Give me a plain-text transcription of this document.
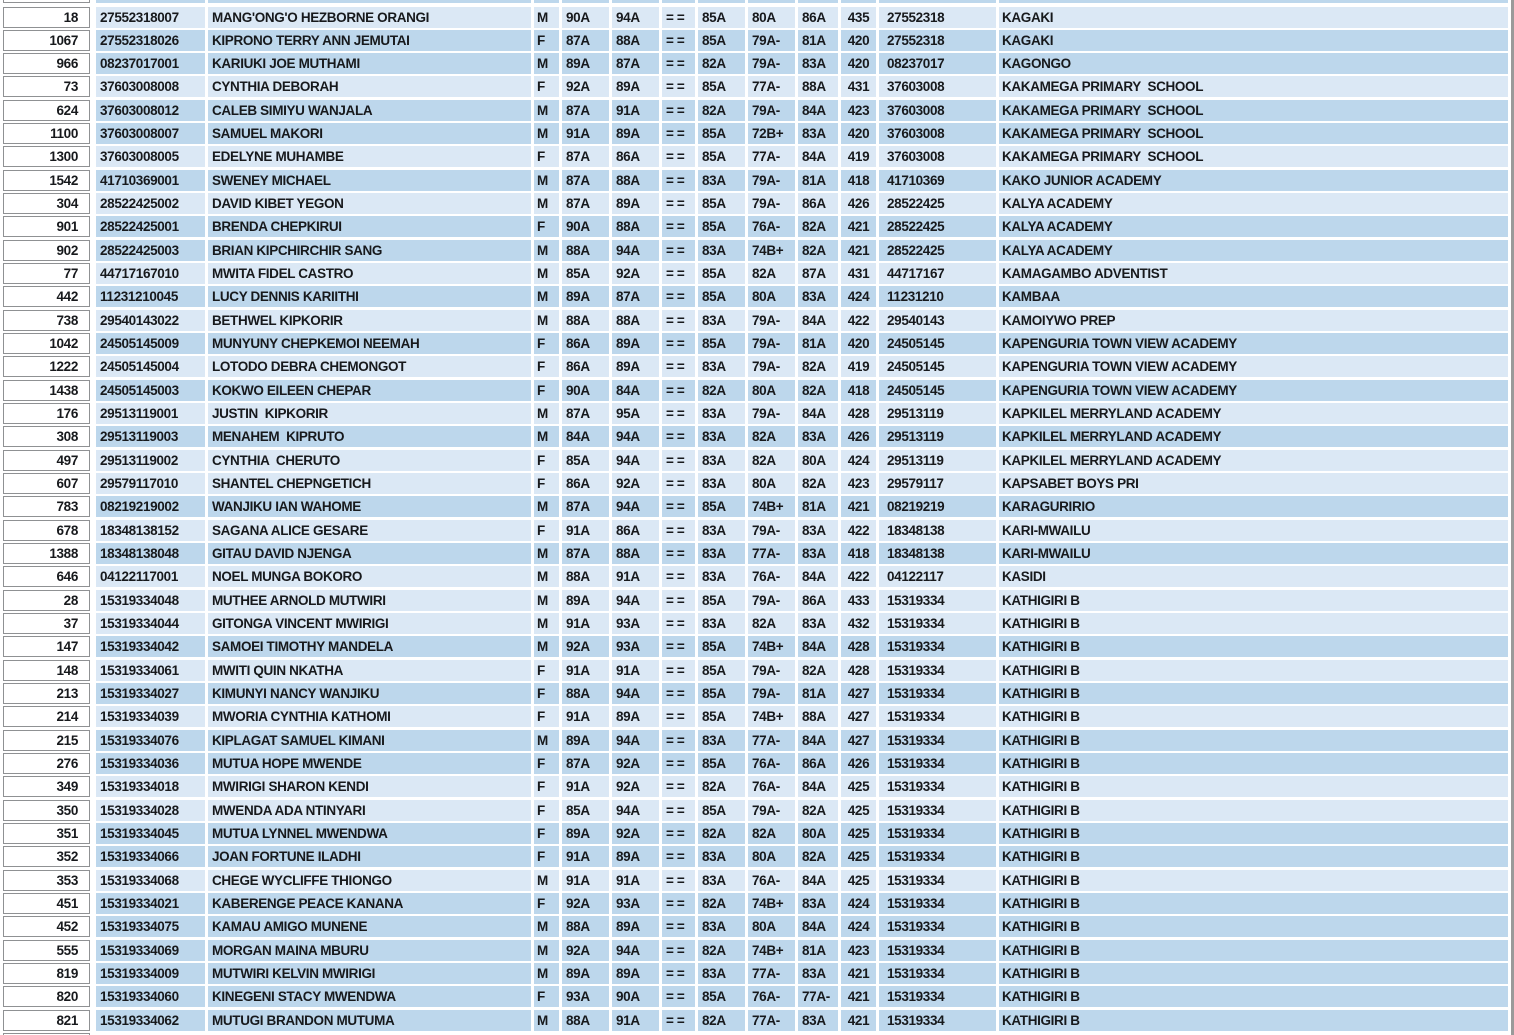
18	27552318007	MANG'ONG'O HEZBORNE ORANGI	M	90A	94A	= =	85A	80A	86A	435	27552318	KAGAKI
1067	27552318026	KIPRONO TERRY ANN JEMUTAI	F	87A	88A	= =	85A	79A-	81A	420	27552318	KAGAKI
966	08237017001	KARIUKI JOE MUTHAMI	M	89A	87A	= =	82A	79A-	83A	420	08237017	KAGONGO
73	37603008008	CYNTHIA DEBORAH	F	92A	89A	= =	85A	77A-	88A	431	37603008	KAKAMEGA PRIMARY  SCHOOL
624	37603008012	CALEB SIMIYU WANJALA	M	87A	91A	= =	82A	79A-	84A	423	37603008	KAKAMEGA PRIMARY  SCHOOL
1100	37603008007	SAMUEL MAKORI	M	91A	89A	= =	85A	72B+	83A	420	37603008	KAKAMEGA PRIMARY  SCHOOL
1300	37603008005	EDELYNE MUHAMBE	F	87A	86A	= =	85A	77A-	84A	419	37603008	KAKAMEGA PRIMARY  SCHOOL
1542	41710369001	SWENEY MICHAEL	M	87A	88A	= =	83A	79A-	81A	418	41710369	KAKO JUNIOR ACADEMY
304	28522425002	DAVID KIBET YEGON	M	87A	89A	= =	85A	79A-	86A	426	28522425	KALYA ACADEMY
901	28522425001	BRENDA CHEPKIRUI	F	90A	88A	= =	85A	76A-	82A	421	28522425	KALYA ACADEMY
902	28522425003	BRIAN KIPCHIRCHIR SANG	M	88A	94A	= =	83A	74B+	82A	421	28522425	KALYA ACADEMY
77	44717167010	MWITA FIDEL CASTRO	M	85A	92A	= =	85A	82A	87A	431	44717167	KAMAGAMBO ADVENTIST
442	11231210045	LUCY DENNIS KARIITHI	M	89A	87A	= =	85A	80A	83A	424	11231210	KAMBAA
738	29540143022	BETHWEL KIPKORIR	M	88A	88A	= =	83A	79A-	84A	422	29540143	KAMOIYWO PREP
1042	24505145009	MUNYUNY CHEPKEMOI NEEMAH	F	86A	89A	= =	85A	79A-	81A	420	24505145	KAPENGURIA TOWN VIEW ACADEMY
1222	24505145004	LOTODO DEBRA CHEMONGOT	F	86A	89A	= =	83A	79A-	82A	419	24505145	KAPENGURIA TOWN VIEW ACADEMY
1438	24505145003	KOKWO EILEEN CHEPAR	F	90A	84A	= =	82A	80A	82A	418	24505145	KAPENGURIA TOWN VIEW ACADEMY
176	29513119001	JUSTIN  KIPKORIR	M	87A	95A	= =	83A	79A-	84A	428	29513119	KAPKILEL MERRYLAND ACADEMY
308	29513119003	MENAHEM  KIPRUTO	M	84A	94A	= =	83A	82A	83A	426	29513119	KAPKILEL MERRYLAND ACADEMY
497	29513119002	CYNTHIA  CHERUTO	F	85A	94A	= =	83A	82A	80A	424	29513119	KAPKILEL MERRYLAND ACADEMY
607	29579117010	SHANTEL CHEPNGETICH	F	86A	92A	= =	83A	80A	82A	423	29579117	KAPSABET BOYS PRI
783	08219219002	WANJIKU IAN WAHOME	M	87A	94A	= =	85A	74B+	81A	421	08219219	KARAGURIRIO
678	18348138152	SAGANA ALICE GESARE	F	91A	86A	= =	83A	79A-	83A	422	18348138	KARI-MWAILU
1388	18348138048	GITAU DAVID NJENGA	M	87A	88A	= =	83A	77A-	83A	418	18348138	KARI-MWAILU
646	04122117001	NOEL MUNGA BOKORO	M	88A	91A	= =	83A	76A-	84A	422	04122117	KASIDI
28	15319334048	MUTHEE ARNOLD MUTWIRI	M	89A	94A	= =	85A	79A-	86A	433	15319334	KATHIGIRI B
37	15319334044	GITONGA VINCENT MWIRIGI	M	91A	93A	= =	83A	82A	83A	432	15319334	KATHIGIRI B
147	15319334042	SAMOEI TIMOTHY MANDELA	M	92A	93A	= =	85A	74B+	84A	428	15319334	KATHIGIRI B
148	15319334061	MWITI QUIN NKATHA	F	91A	91A	= =	85A	79A-	82A	428	15319334	KATHIGIRI B
213	15319334027	KIMUNYI NANCY WANJIKU	F	88A	94A	= =	85A	79A-	81A	427	15319334	KATHIGIRI B
214	15319334039	MWORIA CYNTHIA KATHOMI	F	91A	89A	= =	85A	74B+	88A	427	15319334	KATHIGIRI B
215	15319334076	KIPLAGAT SAMUEL KIMANI	M	89A	94A	= =	83A	77A-	84A	427	15319334	KATHIGIRI B
276	15319334036	MUTUA HOPE MWENDE	F	87A	92A	= =	85A	76A-	86A	426	15319334	KATHIGIRI B
349	15319334018	MWIRIGI SHARON KENDI	F	91A	92A	= =	82A	76A-	84A	425	15319334	KATHIGIRI B
350	15319334028	MWENDA ADA NTINYARI	F	85A	94A	= =	85A	79A-	82A	425	15319334	KATHIGIRI B
351	15319334045	MUTUA LYNNEL MWENDWA	F	89A	92A	= =	82A	82A	80A	425	15319334	KATHIGIRI B
352	15319334066	JOAN FORTUNE ILADHI	F	91A	89A	= =	83A	80A	82A	425	15319334	KATHIGIRI B
353	15319334068	CHEGE WYCLIFFE THIONGO	M	91A	91A	= =	83A	76A-	84A	425	15319334	KATHIGIRI B
451	15319334021	KABERENGE PEACE KANANA	F	92A	93A	= =	82A	74B+	83A	424	15319334	KATHIGIRI B
452	15319334075	KAMAU AMIGO MUNENE	M	88A	89A	= =	83A	80A	84A	424	15319334	KATHIGIRI B
555	15319334069	MORGAN MAINA MBURU	M	92A	94A	= =	82A	74B+	81A	423	15319334	KATHIGIRI B
819	15319334009	MUTWIRI KELVIN MWIRIGI	M	89A	89A	= =	83A	77A-	83A	421	15319334	KATHIGIRI B
820	15319334060	KINEGENI STACY MWENDWA	F	93A	90A	= =	85A	76A-	77A-	421	15319334	KATHIGIRI B
821	15319334062	MUTUGI BRANDON MUTUMA	M	88A	91A	= =	82A	77A-	83A	421	15319334	KATHIGIRI B
